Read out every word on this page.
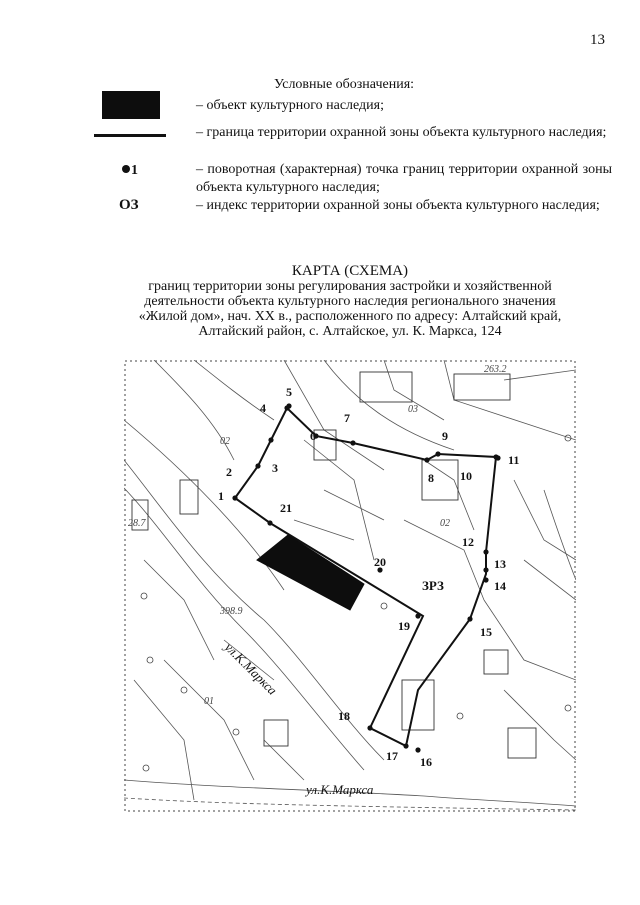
13
Условные обозначения:
– объект культурного наследия;
– граница территории охранной зоны объекта культурного наследия;
1	– поворотная (характерная) точка границ территории охранной зоны объекта культурного наследия;
ОЗ	– индекс территории охранной зоны объекта культурного наследия;
КАРТА (СХЕМА)
границ территории зоны регулирования застройки и хозяйственной
деятельности объекта культурного наследия регионального значения
«Жилой дом», нач. XX в., расположенного по адресу: Алтайский край,
Алтайский район, с. Алтайское, ул. К. Маркса, 124
ЗРЗ
ул.К.Маркса
ул.К.Маркса
02
02
01
03
28.7
398.9
263.2
1
2	3
4
5
6
7
8
9
10
11
12
13
14
15
16
17
18
19
20
21
